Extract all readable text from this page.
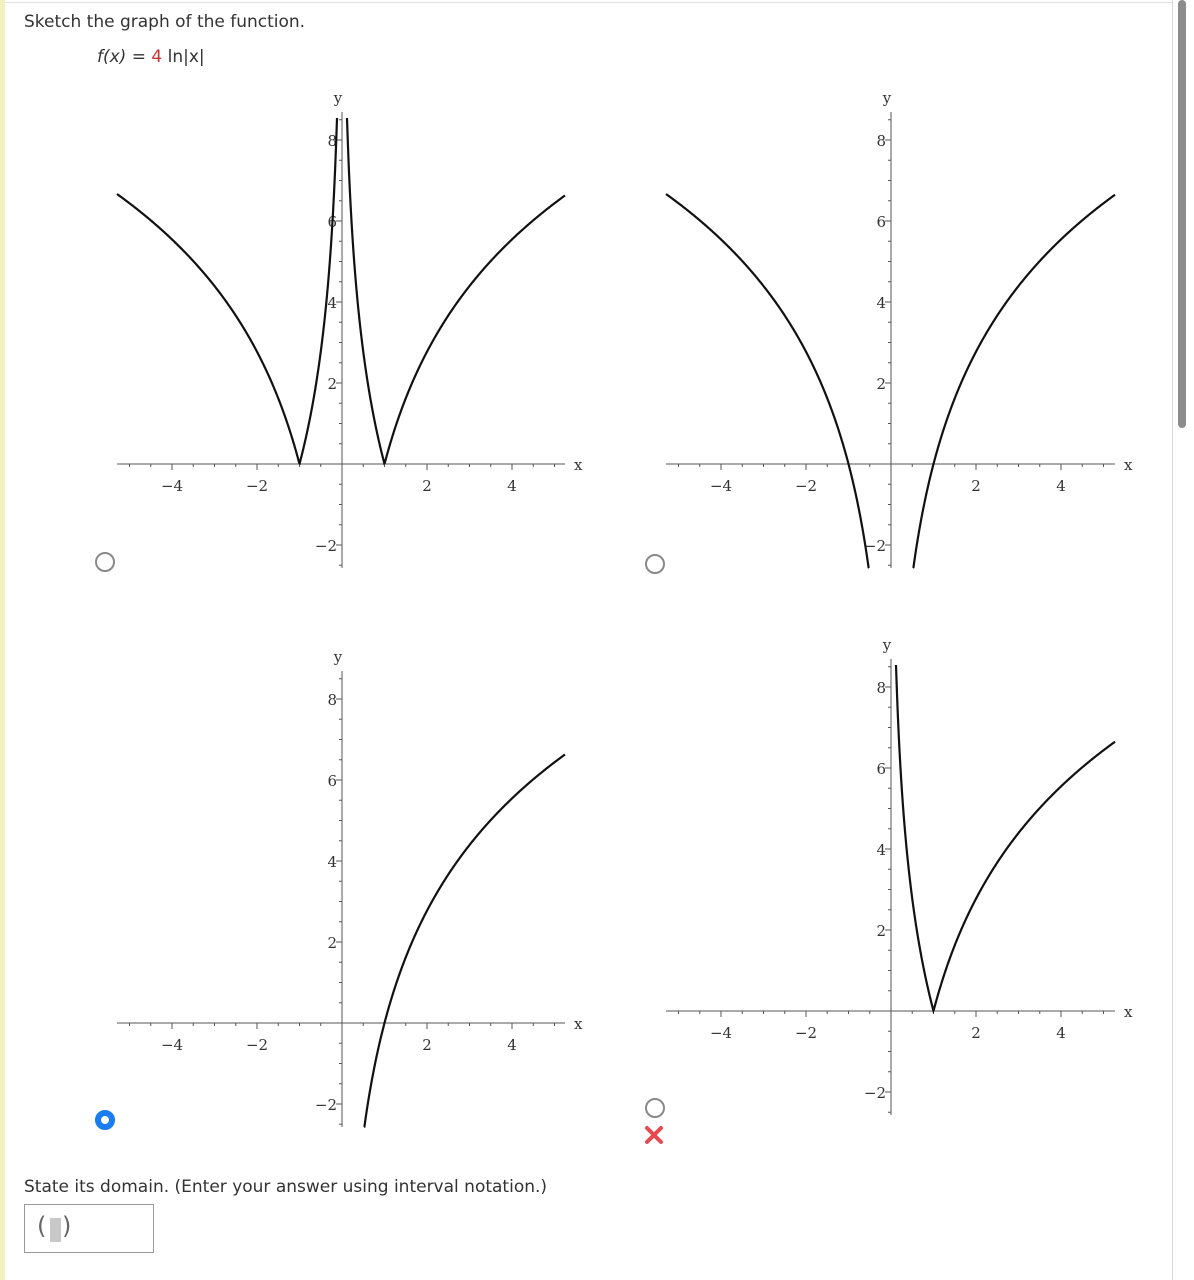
Sketch the graph of the function.
f(x) = 4 ln|x|
−4	−2	2	4
−2
2
4
6
8
x
y
−4	−2	2	4
−2
2
4
6
8
x
y
−4	−2	2	4
−2
2
4
6
8
x
y
−4	−2	2	4
−2
2
4
6
8
x
y
State its domain. (Enter your answer using interval notation.)
( )
